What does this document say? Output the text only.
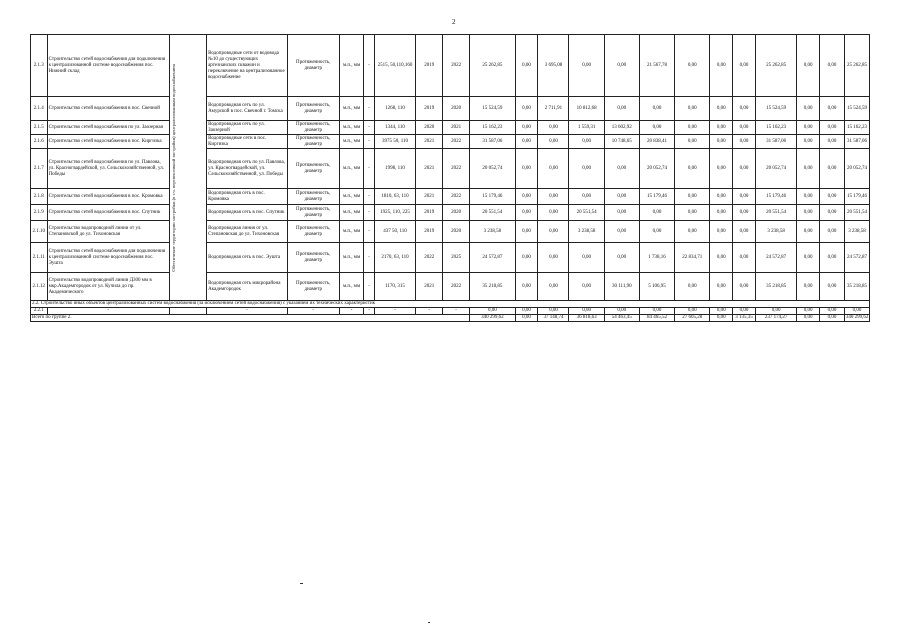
2
2.1.3	Строительство сетей водоснабжения для подключения к централизованной системе водоснабжения пос. Нижний склад	Обеспечение территории застройки (в т.ч. перспективной застройки) централизованным водоснабжением	Водопроводные сети от водовода №10 до существующих артезианских скважин и переключение на централизованное водоснабжение	Протяженность, диаметр	м.п., мм	-	2515, 50,110,160	2019	2022	25 262,85	0,00	3 695,08	0,00	0,00	21 567,78	0,00	0,00	0,00	25 262,85	0,00	0,00	25 262,85
2.1.4	Строительство сетей водоснабжения в пос. Свечной		Водопроводная сеть по ул. Амурской в пос. Свечной г. Томска	Протяженность, диаметр	м.п., мм	-	1268, 110	2019	2020	15 524,59	0,00	2 711,91	10 812,68	0,00	0,00	0,00	0,00	0,00	15 524,59	0,00	0,00	15 524,59
2.1.5	Строительство сетей водоснабжения по ул. Заозерная		Водопроводная сеть по ул. Заозерной	Протяженность, диаметр	м.п., мм	-	1344, 110	2020	2021	15 162,23	0,00	0,00	1 559,31	13 602,92	0,00	0,00	0,00	0,00	15 162,23	0,00	0,00	15 162,23
2.1.6	Строительство сетей водоснабжения в пос. Киргизка		Водопроводные сети в пос. Киргизка	Протяженность, диаметр	м.п., мм	-	3975 50, 110	2021	2022	31 587,06	0,00	0,00	0,00	10 748,65	20 838,41	0,00	0,00	0,00	31 587,06	0,00	0,00	31 587,06
2.1.7	Строительство сетей водоснабжения по ул. Павлова, ул. Красногвардейской, ул. Сельскохозяйственной, ул. Победы		Водопроводная сеть по ул. Павлова, ул. Красногвардейской, ул. Сельскохозяйственной, ул. Победы	Протяженность, диаметр	м.п., мм	-	1998, 110	2021	2022	20 052,74	0,00	0,00	0,00	0,00	20 052,74	0,00	0,00	0,00	20 052,74	0,00	0,00	20 052,74
2.1.8	Строительство сетей водоснабжения в пос. Кромовка		Водопроводная сеть в пос. Кромовка	Протяженность, диаметр	м.п., мм	-	1810, 63, 110	2021	2022	15 179,46	0,00	0,00	0,00	0,00	15 179,46	0,00	0,00	0,00	15 179,46	0,00	0,00	15 179,46
2.1.9	Строительство сетей водоснабжения в пос. Спутник		Водопроводная сеть в пос. Спутник	Протяженность, диаметр	м.п., мм	-	1925, 110, 225	2019	2020	20 551,54	0,00	0,00	20 551,54	0,00	0,00	0,00	0,00	0,00	20 551,54	0,00	0,00	20 551,54
2.1.10	Строительство водопроводной линии от ул. Степановской до ул. Тихоновская		Водопроводная линия от ул. Степановская до ул. Тихоновская	Протяженность, диаметр	м.п., мм	-	437 50, 110	2019	2020	3 238,58	0,00	0,00	3 238,58	0,00	0,00	0,00	0,00	0,00	3 238,58	0,00	0,00	3 238,58
2.1.11	Строительство сетей водоснабжения для подключения к централизованной системе водоснабжения пос. Эушта		Водопроводная сеть в пос. Эушта	Протяженность, диаметр	м.п., мм	-	2170, 63, 110	2022	2025	24 572,87	0,00	0,00	0,00	0,00	1 738,16	22 834,71	0,00	0,00	24 572,87	0,00	0,00	24 572,87
2.1.12	Строительство водопроводной линии Д300 мм в мкр.Академгородок от ул. Кучила до пр. Академического		Водопроводная сеть микрорайона Академгородок	Протяженность, диаметр	м.п., мм	-	1170, 315	2021	2022	35 218,85	0,00	0,00	0,00	30 111,90	5 106,95	0,00	0,00	0,00	35 218,85	0,00	0,00	35 218,85
2.2. Строительство иных объектов централизованных систем водоснабжения (за исключением сетей водоснабжения) с указанием их технических характеристик																						
2.2.1	-		-	-	-	-	-	-	-	0,00	0,00	0,00	0,00	0,00	0,00	0,00	0,00	0,00	0,00	0,00	0,00	0,00
Всего по группе 2.										340 299,62	0,00	37 148,74	36 818,63	54 463,45	84 465,52	27 605,28	0,00	3 135,35	237 174,27	0,00	0,00	340 299,62
